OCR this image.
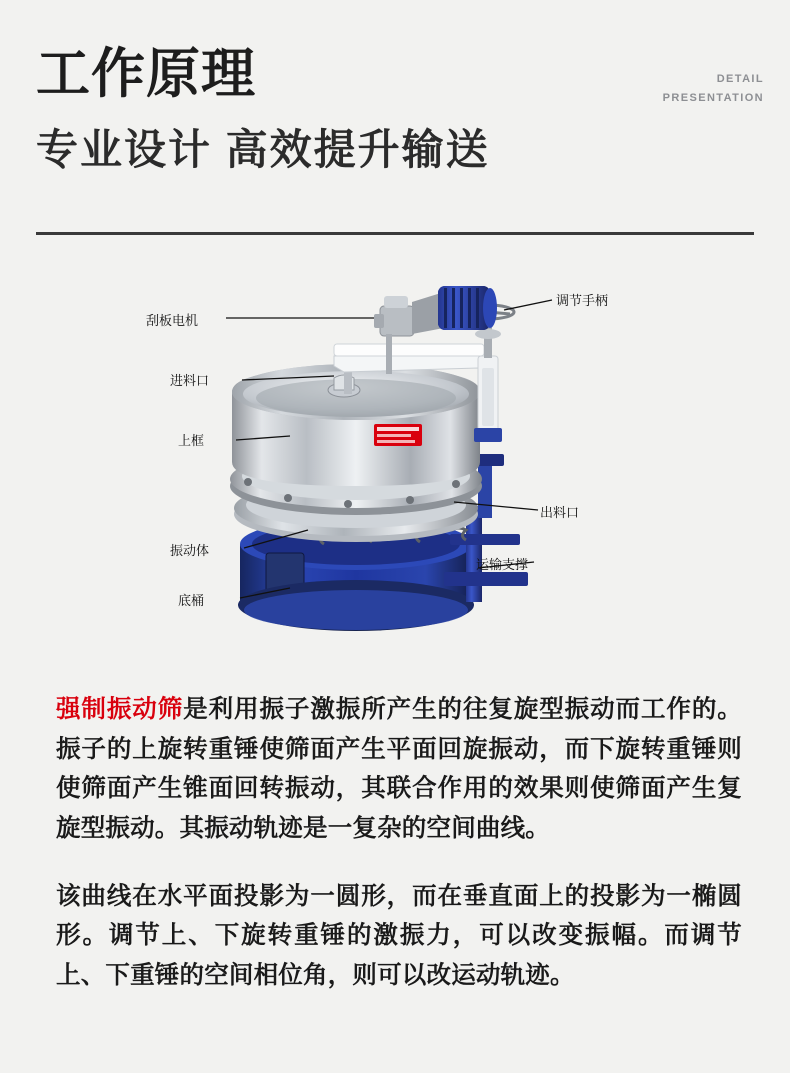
工作原理
专业设计 高效提升输送
DETAIL
PRESENTATION
刮板电机
调节手柄
进料口
上框
出料口
振动体
运输支撑
底桶

强制振动筛是利用振子激振所产生的往复旋型振动而工作的。振子的上旋转重锤使筛面产生平面回旋振动，而下旋转重锤则使筛面产生锥面回转振动，其联合作用的效果则使筛面产生复旋型振动。其振动轨迹是一复杂的空间曲线。

该曲线在水平面投影为一圆形，而在垂直面上的投影为一椭圆形。调节上、下旋转重锤的激振力，可以改变振幅。而调节上、下重锤的空间相位角，则可以改运动轨迹。
